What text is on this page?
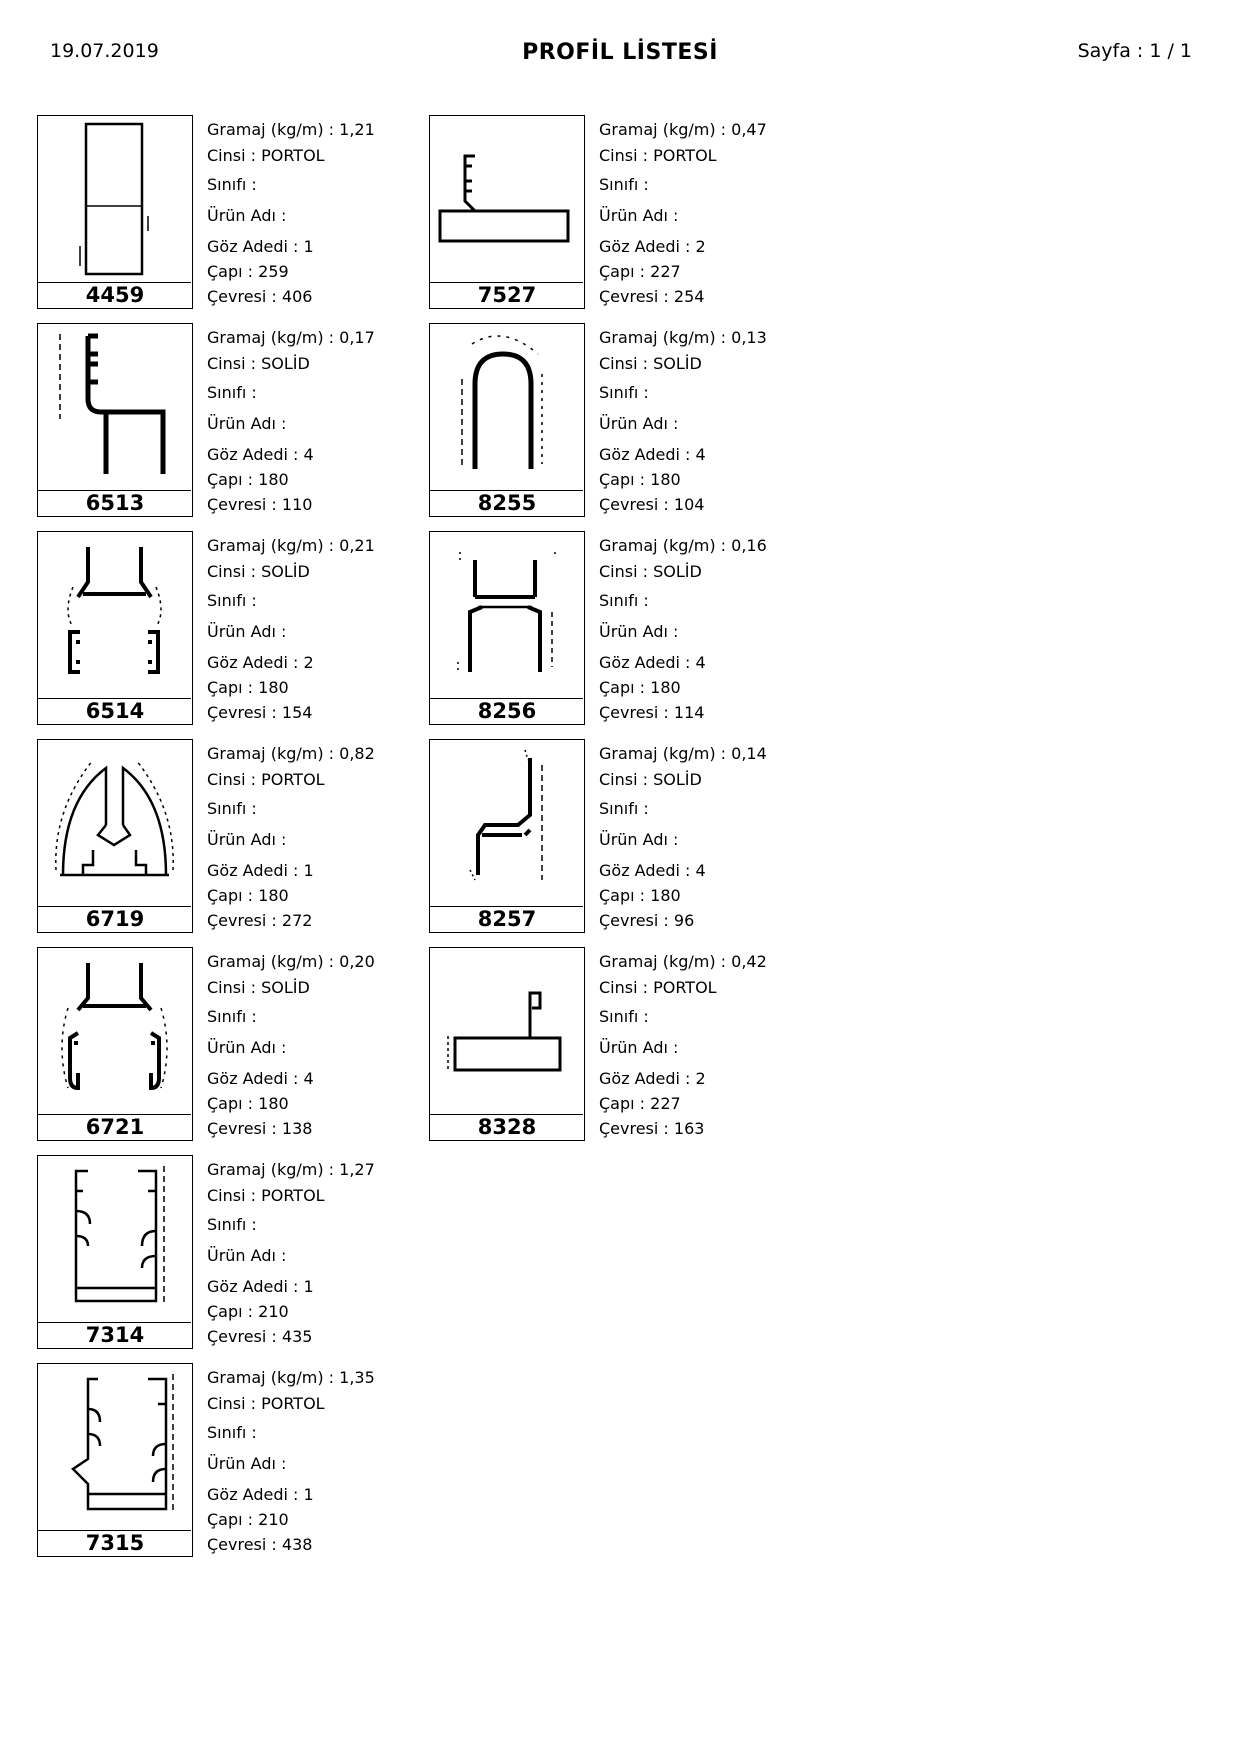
19.07.2019	PROFİL LİSTESİ	Sayfa : 1 / 1
4459
Gramaj (kg/m) : 1,21
Cinsi : PORTOL
Sınıfı :
Ürün Adı :
Göz Adedi : 1
Çapı : 259
Çevresi : 406
6513
Gramaj (kg/m) : 0,17
Cinsi : SOLİD
Sınıfı :
Ürün Adı :
Göz Adedi : 4
Çapı : 180
Çevresi : 110
6514
Gramaj (kg/m) : 0,21
Cinsi : SOLİD
Sınıfı :
Ürün Adı :
Göz Adedi : 2
Çapı : 180
Çevresi : 154
6719
Gramaj (kg/m) : 0,82
Cinsi : PORTOL
Sınıfı :
Ürün Adı :
Göz Adedi : 1
Çapı : 180
Çevresi : 272
6721
Gramaj (kg/m) : 0,20
Cinsi : SOLİD
Sınıfı :
Ürün Adı :
Göz Adedi : 4
Çapı : 180
Çevresi : 138
7314
Gramaj (kg/m) : 1,27
Cinsi : PORTOL
Sınıfı :
Ürün Adı :
Göz Adedi : 1
Çapı : 210
Çevresi : 435
7315
Gramaj (kg/m) : 1,35
Cinsi : PORTOL
Sınıfı :
Ürün Adı :
Göz Adedi : 1
Çapı : 210
Çevresi : 438
7527
Gramaj (kg/m) : 0,47
Cinsi : PORTOL
Sınıfı :
Ürün Adı :
Göz Adedi : 2
Çapı : 227
Çevresi : 254
8255
Gramaj (kg/m) : 0,13
Cinsi : SOLİD
Sınıfı :
Ürün Adı :
Göz Adedi : 4
Çapı : 180
Çevresi : 104
8256
Gramaj (kg/m) : 0,16
Cinsi : SOLİD
Sınıfı :
Ürün Adı :
Göz Adedi : 4
Çapı : 180
Çevresi : 114
8257
Gramaj (kg/m) : 0,14
Cinsi : SOLİD
Sınıfı :
Ürün Adı :
Göz Adedi : 4
Çapı : 180
Çevresi : 96
8328
Gramaj (kg/m) : 0,42
Cinsi : PORTOL
Sınıfı :
Ürün Adı :
Göz Adedi : 2
Çapı : 227
Çevresi : 163
